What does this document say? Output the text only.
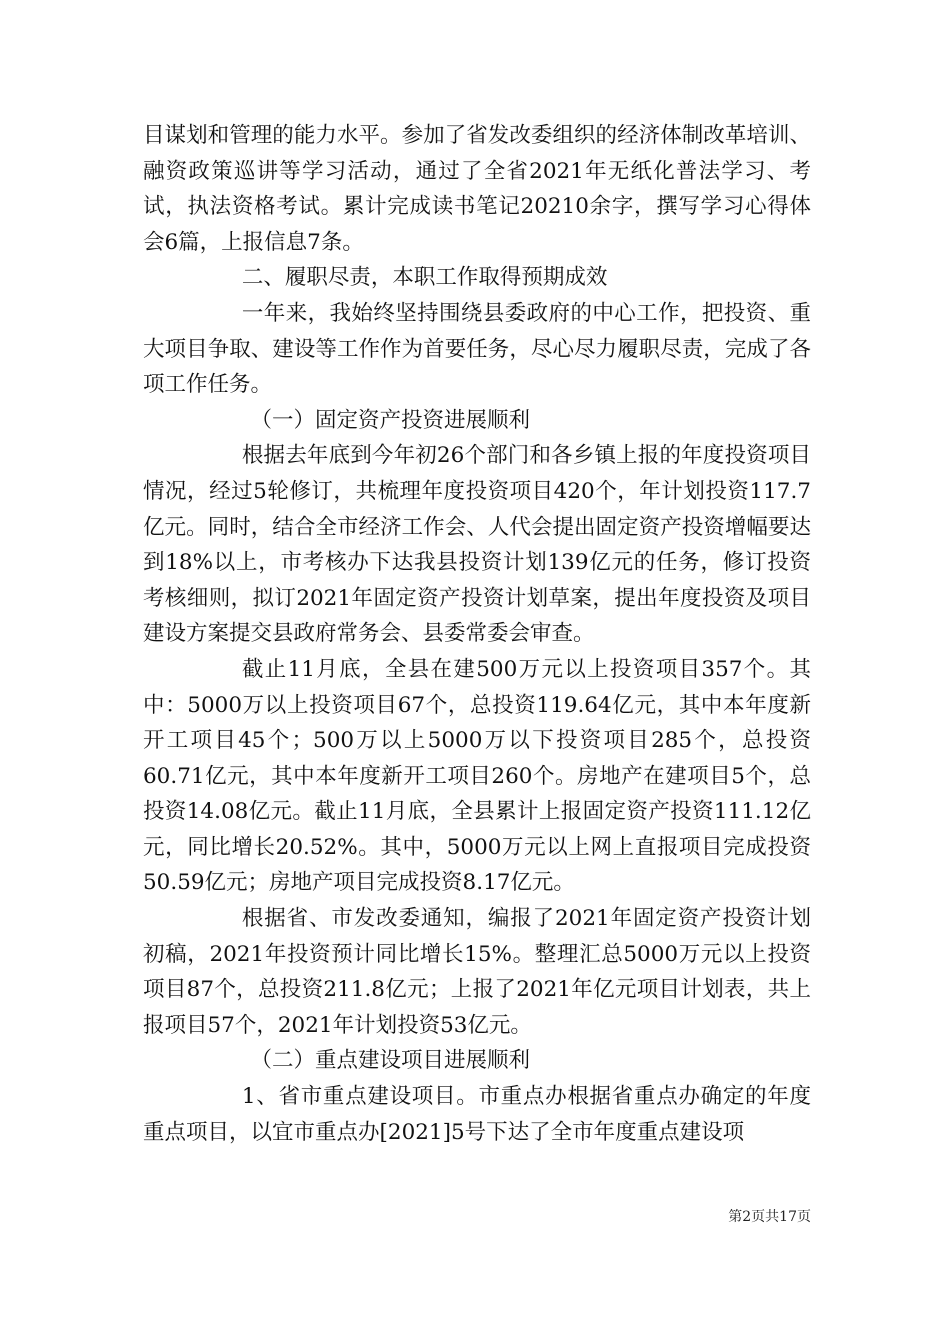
目谋划和管理的能力水平。参加了省发改委组织的经济体制改革培训、融资政策巡讲等学习活动，通过了全省2021年无纸化普法学习、考试，执法资格考试。累计完成读书笔记20210余字，撰写学习心得体会6篇，上报信息7条。

二、履职尽责，本职工作取得预期成效

一年来，我始终坚持围绕县委政府的中心工作，把投资、重大项目争取、建设等工作作为首要任务，尽心尽力履职尽责，完成了各项工作任务。

（一）固定资产投资进展顺利

根据去年底到今年初26个部门和各乡镇上报的年度投资项目情况，经过5轮修订，共梳理年度投资项目420个，年计划投资117.7亿元。同时，结合全市经济工作会、人代会提出固定资产投资增幅要达到18%以上，市考核办下达我县投资计划139亿元的任务，修订投资考核细则，拟订2021年固定资产投资计划草案，提出年度投资及项目建设方案提交县政府常务会、县委常委会审查。

截止11月底，全县在建500万元以上投资项目357个。其中：5000万以上投资项目67个，总投资119.64亿元，其中本年度新开工项目45个；500万以上5000万以下投资项目285个，总投资60.71亿元，其中本年度新开工项目260个。房地产在建项目5个，总投资14.08亿元。截止11月底，全县累计上报固定资产投资111.12亿元，同比增长20.52%。其中，5000万元以上网上直报项目完成投资50.59亿元；房地产项目完成投资8.17亿元。

根据省、市发改委通知，编报了2021年固定资产投资计划初稿，2021年投资预计同比增长15%。整理汇总5000万元以上投资项目87个，总投资211.8亿元；上报了2021年亿元项目计划表，共上报项目57个，2021年计划投资53亿元。

（二）重点建设项目进展顺利

1、省市重点建设项目。市重点办根据省重点办确定的年度重点项目，以宜市重点办[2021]5号下达了全市年度重点建设项

第2页共17页
